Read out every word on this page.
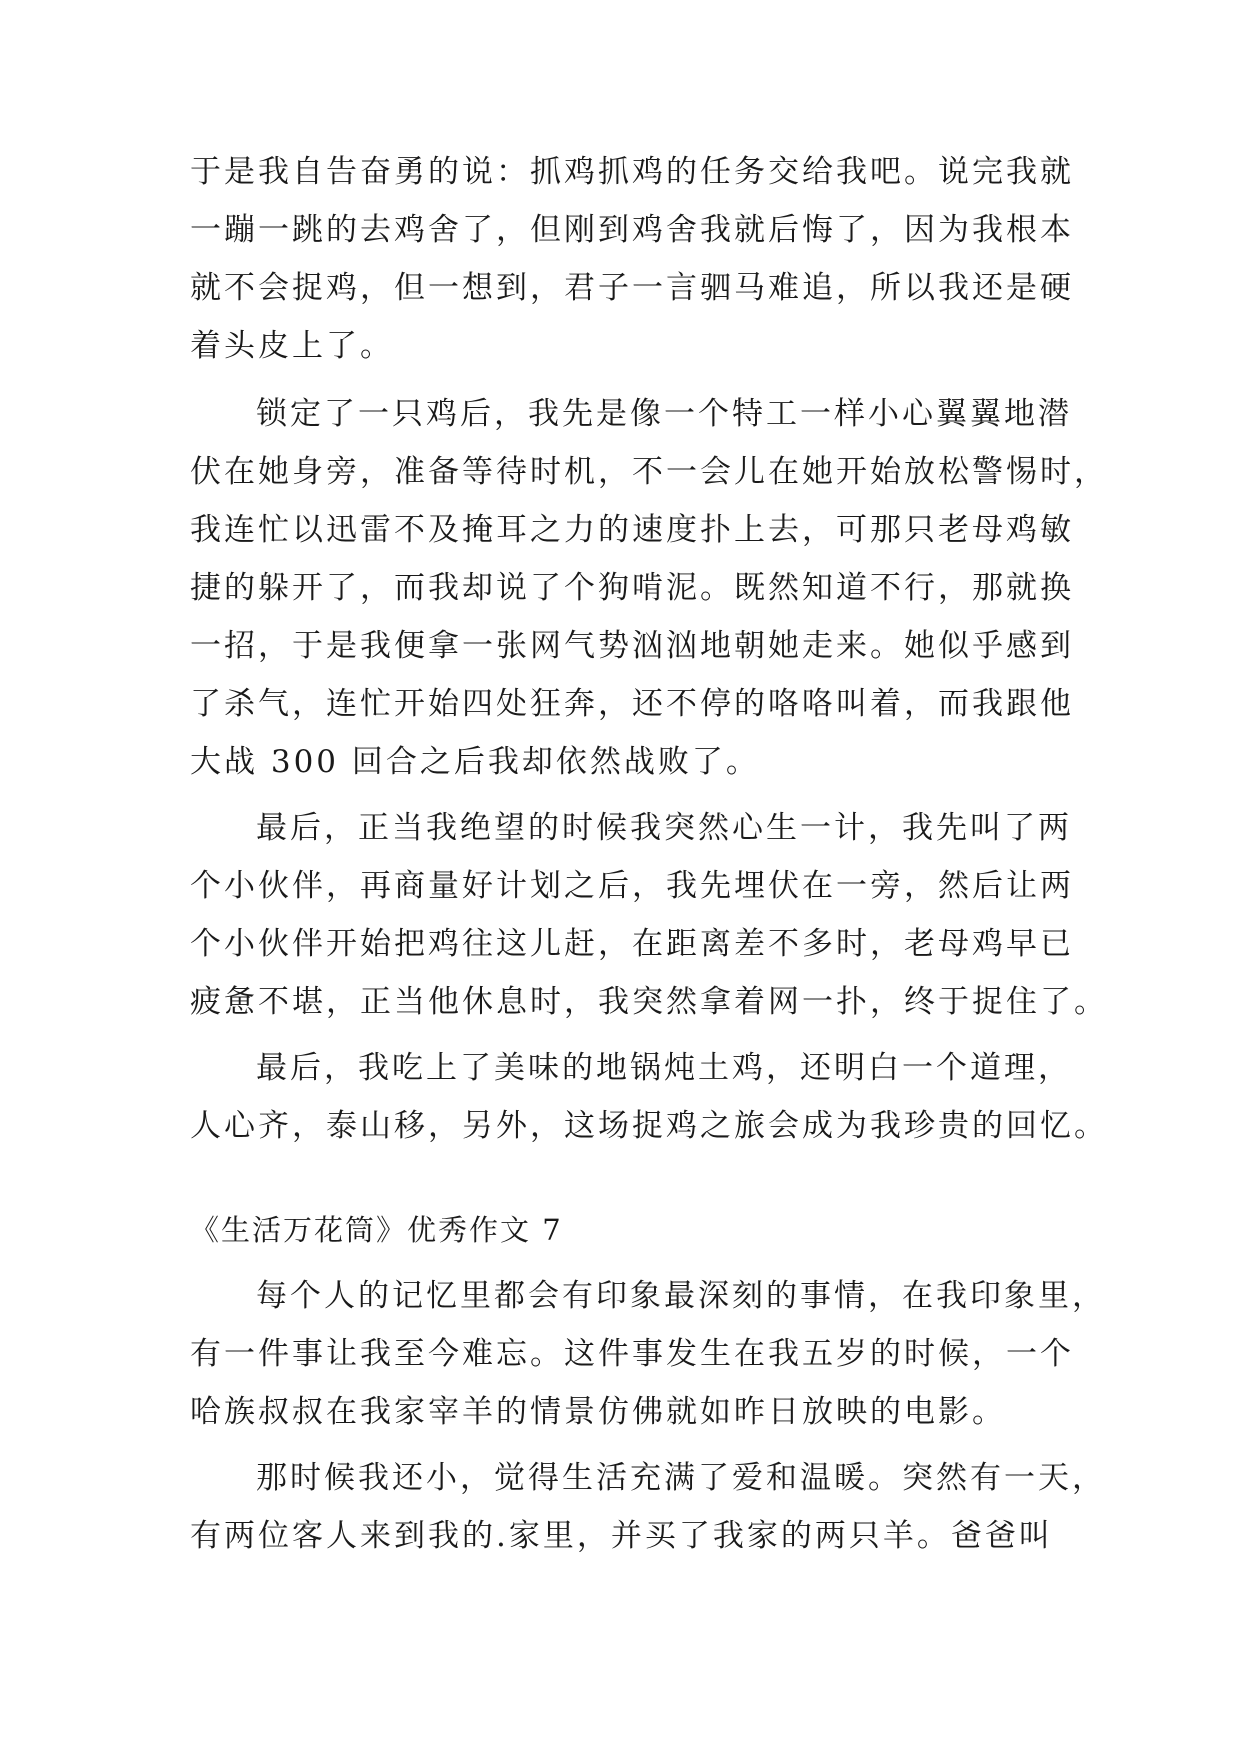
于是我自告奋勇的说：抓鸡抓鸡的任务交给我吧。说完我就
一蹦一跳的去鸡舍了，但刚到鸡舍我就后悔了，因为我根本
就不会捉鸡，但一想到，君子一言驷马难追，所以我还是硬
着头皮上了。
锁定了一只鸡后，我先是像一个特工一样小心翼翼地潜
伏在她身旁，准备等待时机，不一会儿在她开始放松警惕时，
我连忙以迅雷不及掩耳之力的速度扑上去，可那只老母鸡敏
捷的躲开了，而我却说了个狗啃泥。既然知道不行，那就换
一招，于是我便拿一张网气势汹汹地朝她走来。她似乎感到
了杀气，连忙开始四处狂奔，还不停的咯咯叫着，而我跟他
大战 300 回合之后我却依然战败了。
最后，正当我绝望的时候我突然心生一计，我先叫了两
个小伙伴，再商量好计划之后，我先埋伏在一旁，然后让两
个小伙伴开始把鸡往这儿赶，在距离差不多时，老母鸡早已
疲惫不堪，正当他休息时，我突然拿着网一扑，终于捉住了。
最后，我吃上了美味的地锅炖土鸡，还明白一个道理，
人心齐，泰山移，另外，这场捉鸡之旅会成为我珍贵的回忆。
《生活万花筒》优秀作文 7
每个人的记忆里都会有印象最深刻的事情，在我印象里，
有一件事让我至今难忘。这件事发生在我五岁的时候，一个
哈族叔叔在我家宰羊的情景仿佛就如昨日放映的电影。
那时候我还小，觉得生活充满了爱和温暖。突然有一天，
有两位客人来到我的.家里，并买了我家的两只羊。爸爸叫
